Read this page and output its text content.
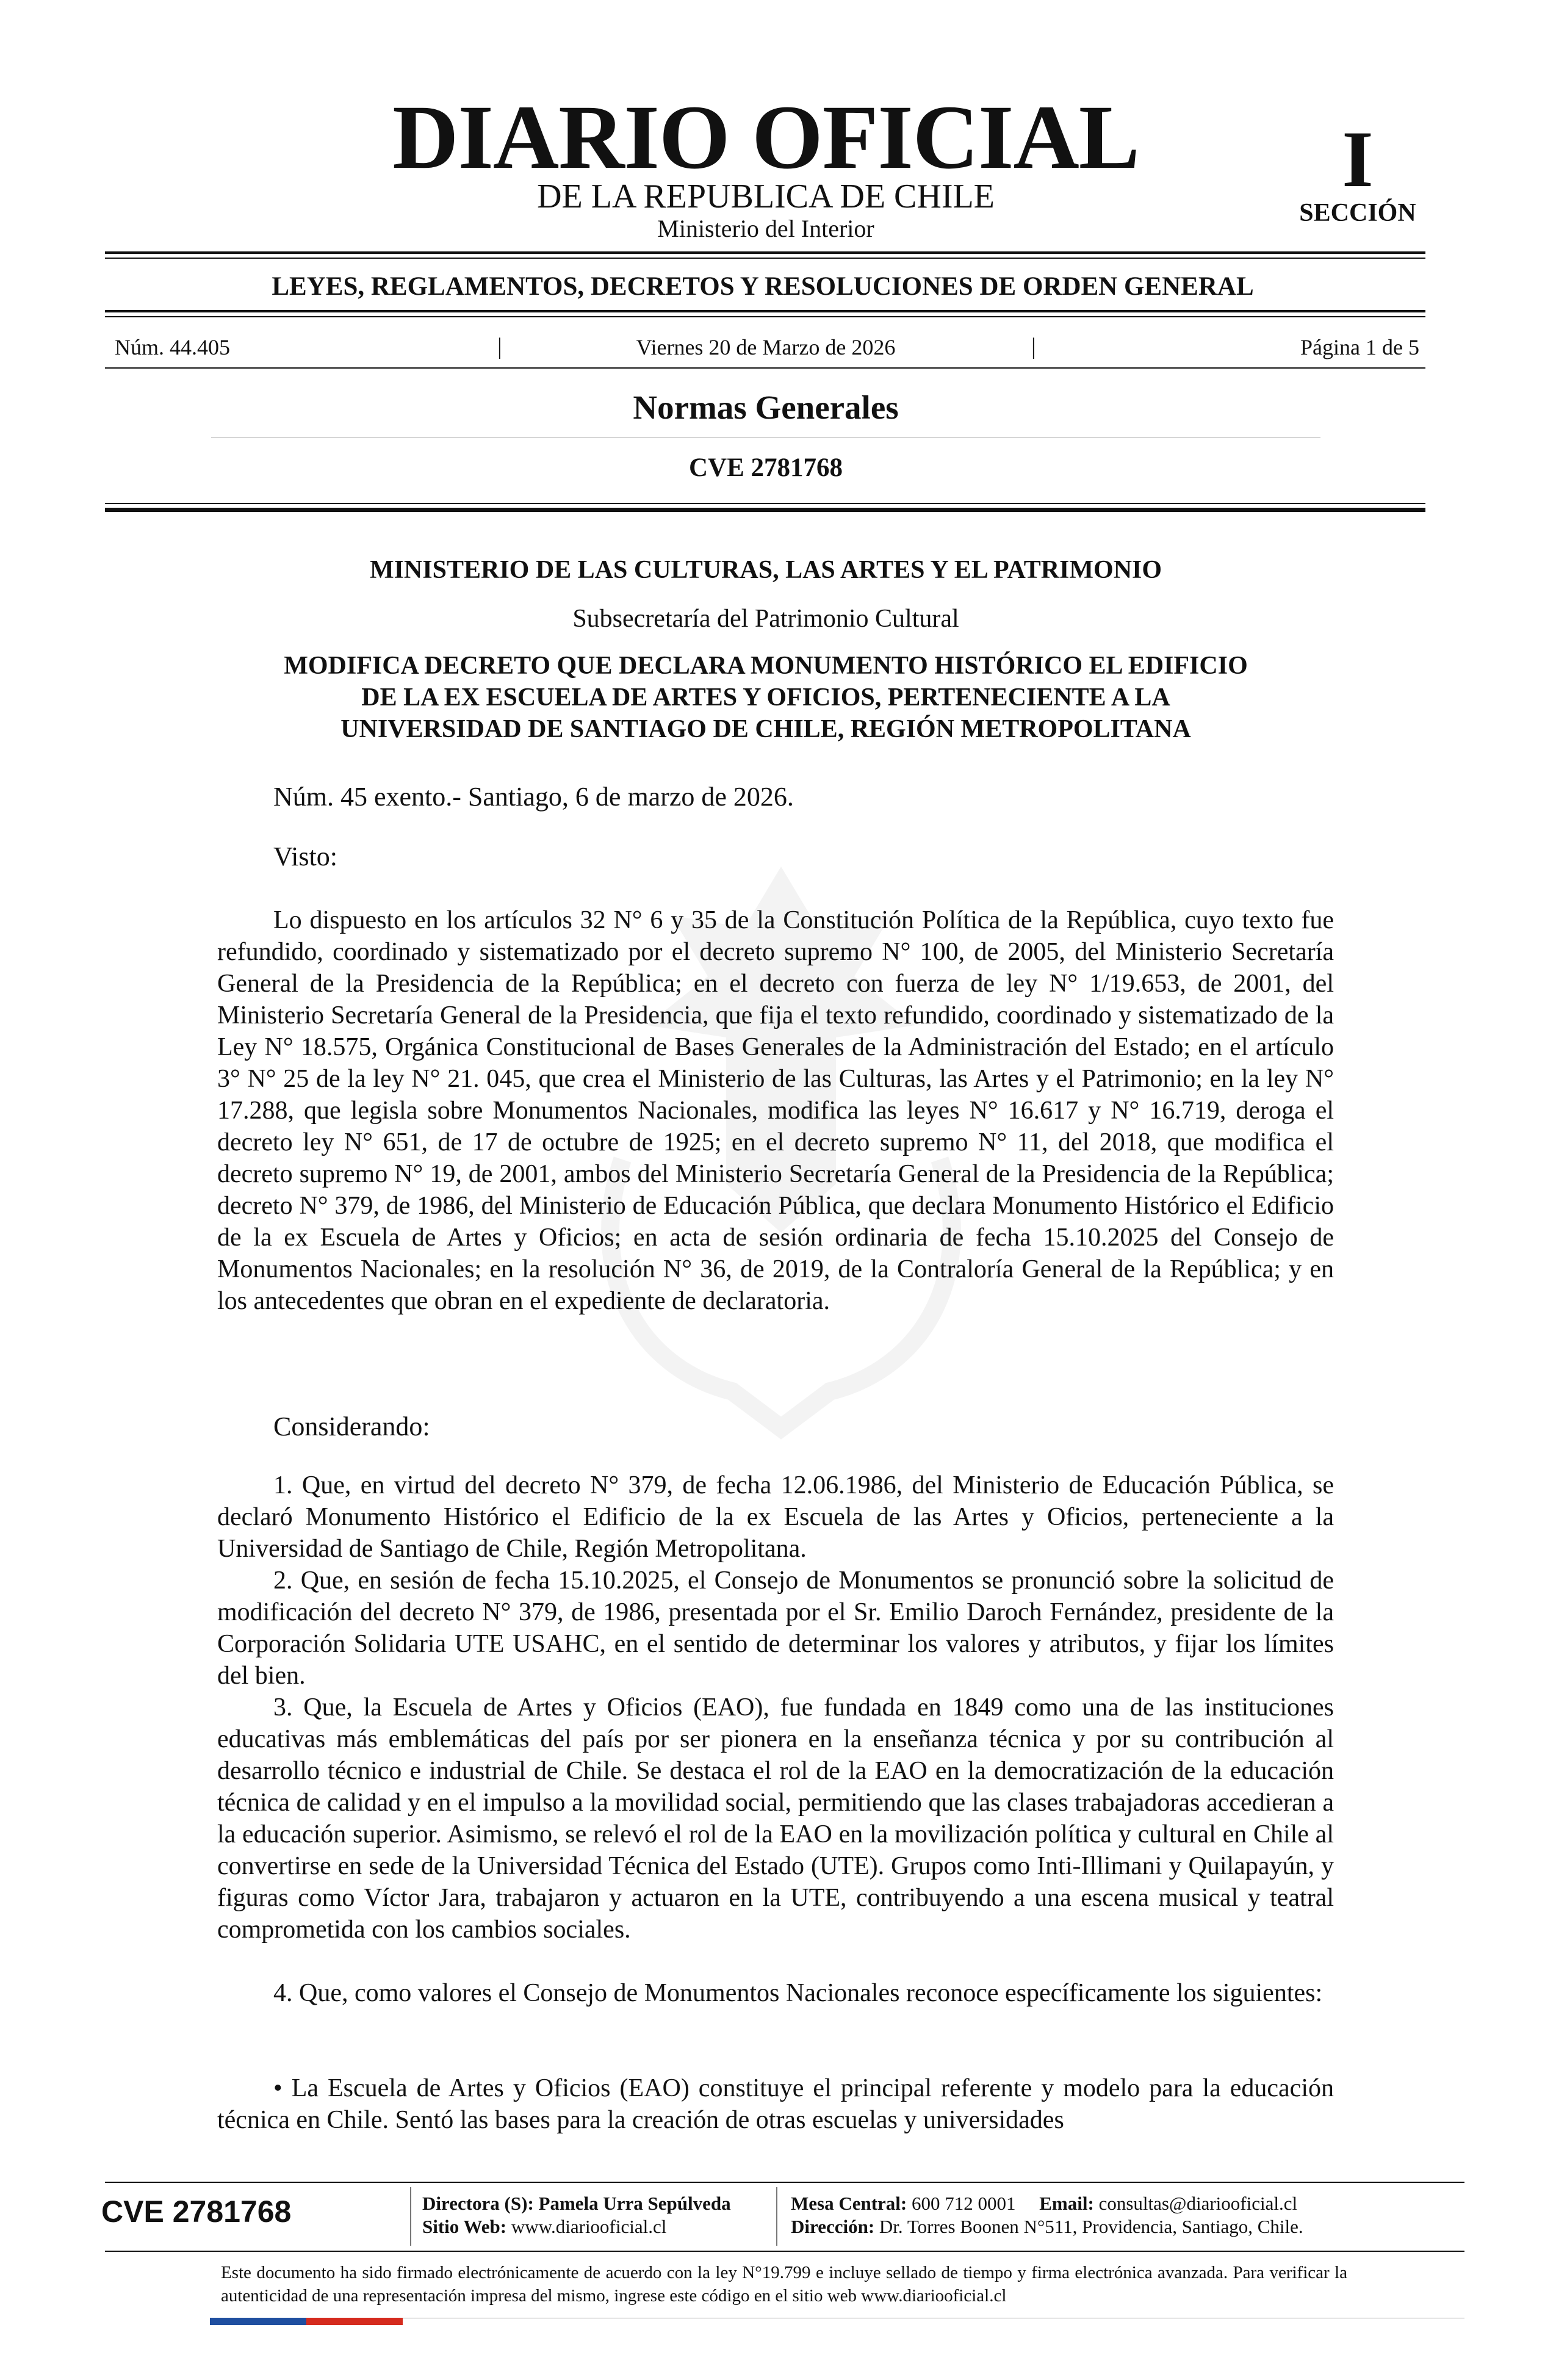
DIARIO OFICIAL
DE LA REPUBLICA DE CHILE
Ministerio del Interior
I
SECCIÓN
LEYES, REGLAMENTOS, DECRETOS Y RESOLUCIONES DE ORDEN GENERAL
Núm. 44.405	|	Viernes 20 de Marzo de 2026	|	Página 1 de 5
Normas Generales
CVE 2781768
MINISTERIO DE LAS CULTURAS, LAS ARTES Y EL PATRIMONIO
Subsecretaría del Patrimonio Cultural
MODIFICA DECRETO QUE DECLARA MONUMENTO HISTÓRICO EL EDIFICIO
DE LA EX ESCUELA DE ARTES Y OFICIOS, PERTENECIENTE A LA
UNIVERSIDAD DE SANTIAGO DE CHILE, REGIÓN METROPOLITANA
Núm. 45 exento.- Santiago, 6 de marzo de 2026.
Visto:

Lo dispuesto en los artículos 32 N° 6 y 35 de la Constitución Política de la República, cuyo texto fue refundido, coordinado y sistematizado por el decreto supremo N° 100, de 2005, del Ministerio Secretaría General de la Presidencia de la República; en el decreto con fuerza de ley N° 1/19.653, de 2001, del Ministerio Secretaría General de la Presidencia, que fija el texto refundido, coordinado y sistematizado de la Ley N° 18.575, Orgánica Constitucional de Bases Generales de la Administración del Estado; en el artículo 3° N° 25 de la ley N° 21. 045, que crea el Ministerio de las Culturas, las Artes y el Patrimonio; en la ley N° 17.288, que legisla sobre Monumentos Nacionales, modifica las leyes N° 16.617 y N° 16.719, deroga el decreto ley N° 651, de 17 de octubre de 1925; en el decreto supremo N° 11, del 2018, que modifica el decreto supremo N° 19, de 2001, ambos del Ministerio Secretaría General de la Presidencia de la República; decreto N° 379, de 1986, del Ministerio de Educación Pública, que declara Monumento Histórico el Edificio de la ex Escuela de Artes y Oficios; en acta de sesión ordinaria de fecha 15.10.2025 del Consejo de Monumentos Nacionales; en la resolución N° 36, de 2019, de la Contraloría General de la República; y en los antecedentes que obran en el expediente de declaratoria.

Considerando:

1. Que, en virtud del decreto N° 379, de fecha 12.06.1986, del Ministerio de Educación Pública, se declaró Monumento Histórico el Edificio de la ex Escuela de las Artes y Oficios, perteneciente a la Universidad de Santiago de Chile, Región Metropolitana.

2. Que, en sesión de fecha 15.10.2025, el Consejo de Monumentos se pronunció sobre la solicitud de modificación del decreto N° 379, de 1986, presentada por el Sr. Emilio Daroch Fernández, presidente de la Corporación Solidaria UTE USAHC, en el sentido de determinar los valores y atributos, y fijar los límites del bien.

3. Que, la Escuela de Artes y Oficios (EAO), fue fundada en 1849 como una de las instituciones educativas más emblemáticas del país por ser pionera en la enseñanza técnica y por su contribución al desarrollo técnico e industrial de Chile. Se destaca el rol de la EAO en la democratización de la educación técnica de calidad y en el impulso a la movilidad social, permitiendo que las clases trabajadoras accedieran a la educación superior. Asimismo, se relevó el rol de la EAO en la movilización política y cultural en Chile al convertirse en sede de la Universidad Técnica del Estado (UTE). Grupos como Inti-Illimani y Quilapayún, y figuras como Víctor Jara, trabajaron y actuaron en la UTE, contribuyendo a una escena musical y teatral comprometida con los cambios sociales.

4. Que, como valores el Consejo de Monumentos Nacionales reconoce específicamente los siguientes:

• La Escuela de Artes y Oficios (EAO) constituye el principal referente y modelo para la educación técnica en Chile. Sentó las bases para la creación de otras escuelas y universidades

CVE 2781768	Directora (S): Pamela Urra Sepúlveda
Sitio Web: www.diariooficial.cl
Mesa Central: 600 712 0001 Email: consultas@diariooficial.cl
Dirección: Dr. Torres Boonen N°511, Providencia, Santiago, Chile.
Este documento ha sido firmado electrónicamente de acuerdo con la ley N°19.799 e incluye sellado de tiempo y firma electrónica avanzada. Para verificar la autenticidad de una representación impresa del mismo, ingrese este código en el sitio web www.diariooficial.cl
